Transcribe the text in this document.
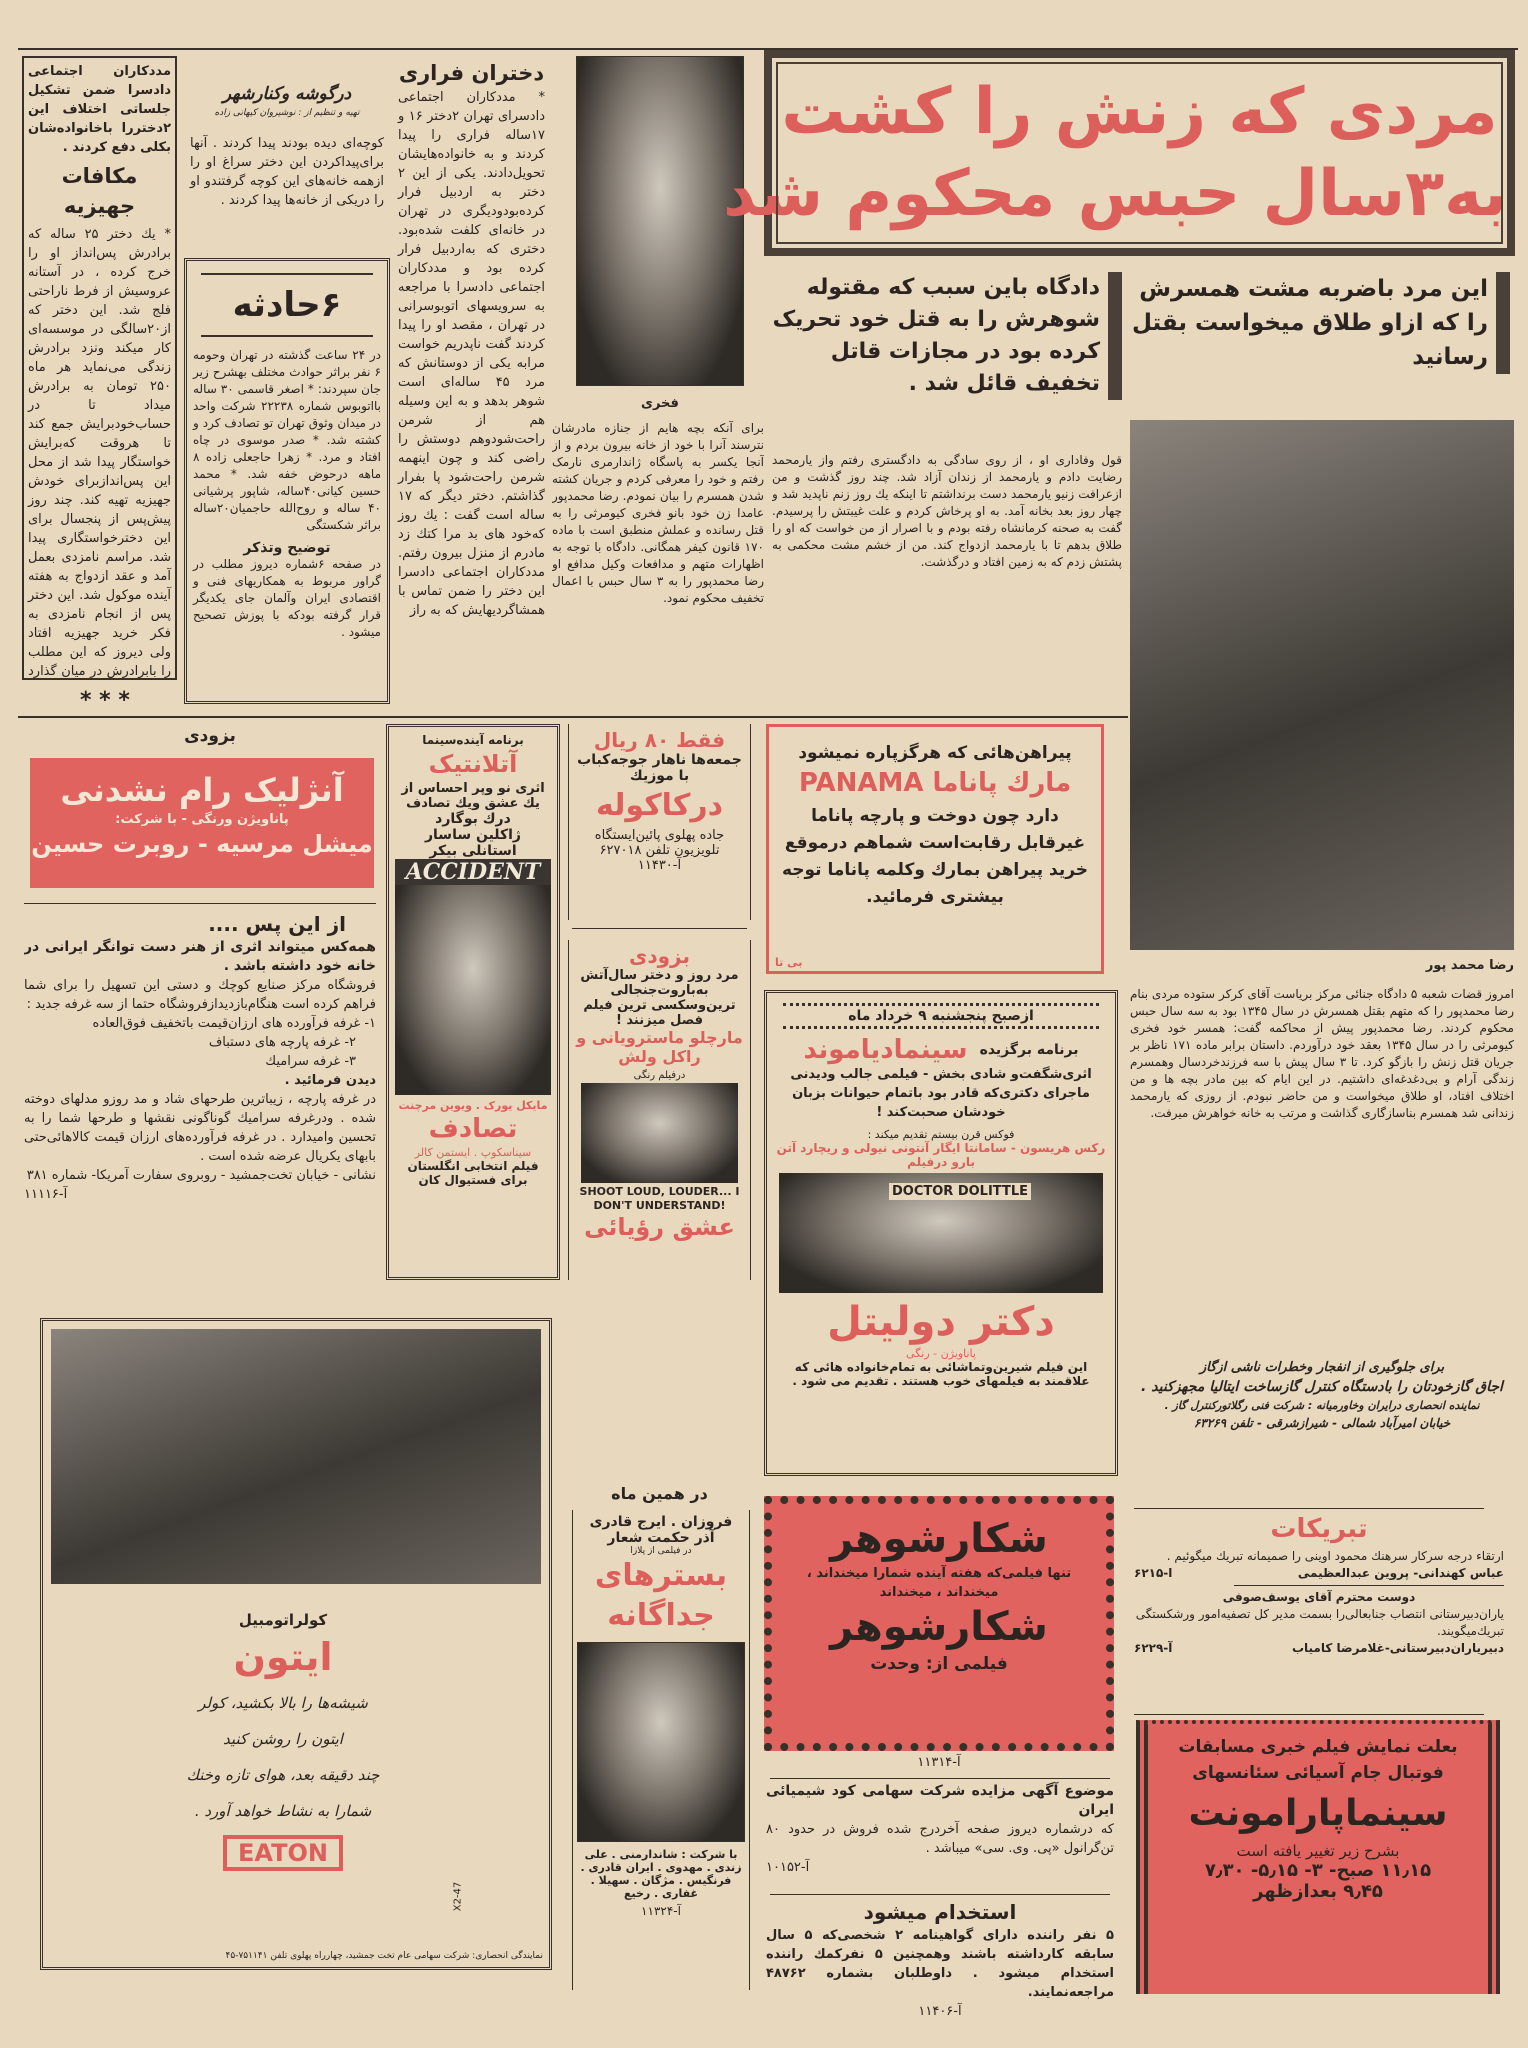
مددکاران اجتماعی دادسرا ضمن تشکیل جلساتی اختلاف این ۲دختررا باخانواده‌شان بکلی دفع کردند .
مکافات جهیزیه
* یك دختر ۲۵ ساله که برادرش پس‌انداز او را خرج کرده ، در آستانه عروسیش از فرط ناراحتی فلج شد. این دختر که از۲۰سالگی در موسسه‌ای کار میکند ونزد برادرش زندگی می‌نماید هر ماه ۲۵۰ تومان به برادرش میداد تا در حساب‌خودبرایش جمع کند تا هروقت که‌برایش خواستگار پیدا شد از محل این پس‌اندازبرای خودش جهیزیه تهیه کند. چند روز پیش‌پس از پنجسال برای این دخترخواستگاری پیدا شد. مراسم نامزدی بعمل آمد و عقد ازدواج به هفته آینده موکول شد. این دختر پس از انجام نامزدی به فکر خرید جهیزیه افتاد ولی دیروز که این مطلب را بابرادرش در میان گذارد
درگوشه وکنارشهر
تهیه و تنظیم از : نوشیروان کیهانی زاده
کوچه‌ای دیده بودند پیدا کردند . آنها برای‌پیدا‌کردن این دختر سراغ او را ازهمه خانه‌های این کوچه گرفتندو او را دریکی از خانه‌ها پیدا کردند .
۶حادثه
در ۲۴ ساعت گذشته در تهران وحومه ۶ نفر براثر حوادث مختلف بهشرح زیر جان سپردند: * اصغر قاسمی ۳۰ ساله بااتوبوس شماره ۲۲۲۳۸ شرکت واحد در میدان وثوق تهران تو تصادف کرد و کشته شد. * صدر موسوی در چاه افتاد و مرد. * زهرا حاجعلی زاده ۸ ماهه درحوض خفه شد. * محمد حسین کیانی۴۰ساله، شاپور پرشیانی ۴۰ ساله و روح‌الله حاجمیان۲۰ساله براثر شکستگی
توضیح وتذکر
در صفحه ۶شماره دیروز مطلب در گراور مربوط به همکاریهای فنی و اقتصادی ایران وآلمان جای یکدیگر قرار گرفته بودکه با پوزش تصحیح میشود .
دختران فراری
* مددکاران اجتماعی دادسرای تهران ۲دختر ۱۶ و ۱۷ساله فراری را پیدا کردند و به خانواده‌هایشان تحویل‌دادند. یکی از این ۲ دختر به اردبیل فرار کرده‌بودودیگری در تهران در خانه‌ای کلفت شده‌بود. دختری که به‌اردبیل فرار کرده بود و مددکاران اجتماعی دادسرا با مراجعه به سرویسهای اتوبوسرانی در تهران ، مقصد او را پیدا کردند گفت ناپدریم خواست مرابه یکی از دوستانش که مرد ۴۵ ساله‌ای است شوهر بدهد و به این وسیله هم از شرمن راحت‌شودوهم دوستش را راضی کند و چون اینهمه شرمن راحت‌شود پا بفرار گذاشتم. دختر دیگر که ۱۷ ساله است گفت : یك روز که‌خود های بد مرا کتك زد مادرم از منزل بیرون رفتم. مددکاران اجتماعی دادسرا این دختر را ضمن تماس با همشاگردیهایش که به راز
فخری
برای آنکه بچه هایم از جنازه مادرشان نترسند آنرا با خود از خانه بیرون بردم و از آنجا یکسر به پاسگاه ژاندارمری نارمک رفتم و خود را معرفی کردم و جریان کشته شدن همسرم را بیان نمودم. رضا محمدپور عامدا زن خود بانو فخری کیومرثی را به قتل رسانده و عملش منطبق است با ماده ۱۷۰ قانون کیفر همگانی. دادگاه با توجه به اظهارات متهم و مدافعات وکیل مدافع او رضا محمدپور را به ۳ سال حبس با اعمال تخفیف محکوم نمود.
مردی که زنش را کشت
به۳سال حبس محکوم شد
این مرد باضربه مشت همسرش را که ازاو طلاق میخواست بقتل رسانید
دادگاه باین سبب که مقتوله شوهرش را به قتل خود تحریک کرده بود در مجازات قاتل تخفیف قائل شد .
قول وفاداری او ، از روی سادگی به دادگستری رفتم واز یارمحمد رضایت دادم و یارمحمد از زندان آزاد شد. چند روز گذشت و من ازعرافت زنیو یارمحمد دست برنداشتم تا اینکه یك روز زنم ناپدید شد و چهار روز بعد بخانه آمد. به او پرخاش کردم و علت غیبتش را پرسیدم. گفت به صحنه کرمانشاه رفته بودم و با اصرار از من خواست که او را طلاق بدهم تا با یارمحمد ازدواج کند. من از خشم مشت محکمی به پشتش زدم که به زمین افتاد و درگذشت.
رضا محمد پور
امروز قضات شعبه ۵ دادگاه جنائی مرکز بریاست آقای کرکر ستوده مردی بنام رضا محمدپور را که متهم بقتل همسرش در سال ۱۳۴۵ بود به سه سال حبس محکوم کردند. رضا محمدپور پیش از محاکمه گفت: همسر خود فخری کیومرثی را در سال ۱۳۴۵ بعقد خود درآوردم. داستان برابر ماده ۱۷۱ ناظر بر جریان قتل زنش را بازگو کرد. تا ۳ سال پیش با سه فرزند‌خردسال وهمسرم زندگی آرام و بی‌دغدغه‌ای داشتیم. در این ایام که بین مادر بچه ها و من اختلاف افتاد، او طلاق میخواست و من حاضر نبودم. از روزی که یارمحمد زندانی شد همسرم بناسازگاری گذاشت و مرتب به خانه خواهرش میرفت.
* * *
بزودی
آنژلیک رام نشدنی
پاناویژن ورنگی - با شرکت:
میشل مرسیه - روبرت حسین
از این پس ....
همه‌کس میتواند اثری از هنر دست توانگر ایرانی در خانه خود داشته باشد .
فروشگاه مرکز صنایع کوچك و دستی این تسهیل را برای شما فراهم کرده است هنگام‌بازدیدازفروشگاه حتما از سه غرفه جدید :
۱- غرفه فرآورده های ارزان‌قیمت باتخفیف فوق‌العاده
۲- غرفه پارچه های دستباف
۳- غرفه سرامیك
دیدن فرمائید .
در غرفه پارچه ، زیباترین طرحهای شاد و مد روزو مدلهای دوخته شده . ودرغرفه سرامیك گوناگونی نقشها و طرحها شما را به تحسین وامیدارد . در غرفه فرآورده‌های ارزان قیمت کالاهائی‌حتی بابهای یکریال عرضه شده است .
نشانی - خیابان تخت‌جمشید - روبروی سفارت آمریکا- شماره ۳۸۱
آ-۱۱۱۱۶
برنامه آینده‌سینما
آتلانتیک
اثری نو وپر احساس از یك عشق ویك تصادف
درك بوگارد
ژاکلین ساسار
استانلی بیکر
ACCIDENT
مایکل یورک . ویوین مرچنت
تصادف
سیناسکوپ . ایستمن کالر
فیلم انتخابی انگلستان برای فستیوال کان
فقط ۸۰ ریال
جمعه‌ها ناهار جوجه‌کباب با موزیك
درکاکوله
جاده پهلوی پائین‌ایستگاه تلویزیون تلفن ۶۲۷۰۱۸
آ-۱۱۴۳۰
بزودی
مرد روز و دختر سال‌آتش به‌باروت‌جنجالی ترین‌وسکسی ترین فیلم فصل میزنند !
مارچلو ماسترویانی و راکل ولش
درفیلم رنگی
SHOOT LOUD, LOUDER... I DON'T UNDERSTAND!
عشق رؤیائی
پیراهن‌هائی که هرگزپاره نمیشود
مارك پاناما PANAMA
دارد چون دوخت و پارچه پاناما غیرقابل رقابت‌است شماهم درموقع خرید پیراهن بمارك وکلمه پاناما توجه بیشتری فرمائید.
بی تا
ازصبح پنجشنبه ۹ خرداد ماه
برنامه برگزیده
سینمادیاموند
اثری‌شگفت‌و شادی بخش - فیلمی جالب ودیدنی ماجرای دکتری‌که قادر بود باتمام حیوانات بزبان خودشان صحبت‌کند !
فوکس قرن بیستم تقدیم میکند :
رکس هریسون - سامانتا ایگار آنتونی نیولی و ریچارد آتن بارو درفیلم
DOCTOR DOLITTLE
دکتر دولیتل
پاناویژن - رنگی
این فیلم شیرین‌وتماشائی به تمام‌خانواده هائی که علاقمند به فیلمهای خوب هستند . تقدیم می شود .
کولراتومبیل
ایتون
شیشه‌ها را بالا بکشید، کولر
ایتون را روشن کنید
چند دقیقه بعد، هوای تازه وخنك
شمارا به نشاط خواهد آورد .
EATON
X2-47
نمایندگی انحصاری: شرکت سهامی عام تخت جمشید، چهارراه پهلوی تلفن ۷۵۱۱۴۱-۴۵
در همین ماه
فروزان . ایرج قادری
آذر حکمت شعار
در فیلمی از پلازا
بسترهای جداگانه
با شرکت : شاندارمنی . علی زندی . مهدوی . ایران قادری . فرنگیس . مژگان . سهیلا . غفاری . رخیع
آ-۱۱۳۲۴
شکارشوهر
تنها فیلمی‌که هفته آینده شمارا میخنداند ،
میخنداند ، میخنداند
شکارشوهر
فیلمی از: وحدت
آ-۱۱۳۱۴
موضوع آگهی مزایده شرکت سهامی کود شیمیائی ایران
که درشماره دیروز صفحه آخردرج شده فروش در حدود ۸۰ تن‌گرانول «پی. وی. سی» میباشد .
آ-۱۰۱۵۲
استخدام میشود
۵ نفر راننده دارای گواهینامه ۲ شخصی‌که ۵ سال سابقه کارداشته باشند وهمچنین ۵ نفرکمك راننده استخدام میشود . داوطلبان بشماره ۴۸۷۶۲ مراجعه‌نمایند.
آ-۱۱۴۰۶
برای جلوگیری از انفجار وخطرات ناشی ازگاز
اجاق گازخودتان را بادستگاه کنترل گازساخت ایتالیا مجهزکنید .
نماینده انحصاری درایران وخاورمیانه : شرکت فنی رگلاتورکنترل گاز .
خیابان امیرآباد شمالی - شیرازشرقی - تلفن ۶۳۲۶۹
تبریکات
ارتقاء درجه سرکار سرهنك محمود اوینی را صمیمانه تبریك میگوئیم .
عباس کهندانی- پروین عبدالعظیمی
ا-۶۲۱۵
دوست محترم آقای یوسف‌صوفی
یاران‌دبیرستانی انتصاب جنابعالی‌را بسمت مدیر کل تصفیه‌امور ورشکستگی تبریك‌میگویند.
دبیریاران‌دبیرستانی-غلامرضا کامیاب
آ-۶۲۲۹
بعلت نمایش فیلم خبری مسابقات فوتبال جام آسیائی سئانسهای
سینماپارامونت
بشرح زیر تغییر یافته است
۱۱٫۱۵ صبح- ۳- ۵٫۱۵- ۷٫۳۰
۹٫۴۵ بعدازظهر
